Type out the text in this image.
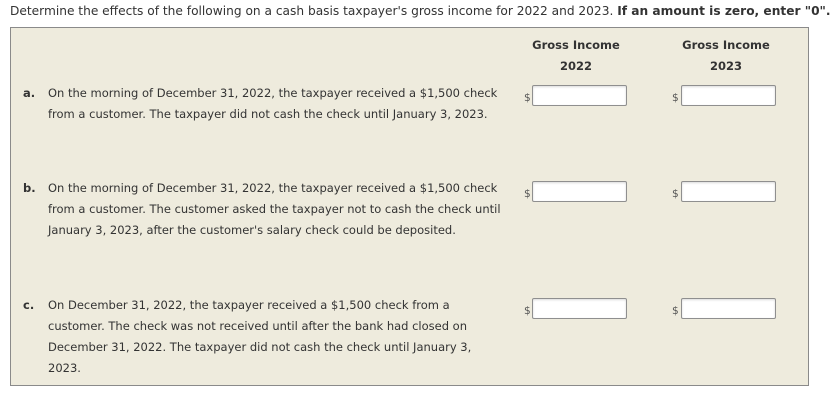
Determine the effects of the following on a cash basis taxpayer's gross income for 2022 and 2023. If an amount is zero, enter "0".
Gross Income
2022
Gross Income
2023
a. On the morning of December 31, 2022, the taxpayer received a $1,500 check from a customer. The taxpayer did not cash the check until January 3, 2023.
$	$
b. On the morning of December 31, 2022, the taxpayer received a $1,500 check from a customer. The customer asked the taxpayer not to cash the check until January 3, 2023, after the customer's salary check could be deposited.
$	$
c. On December 31, 2022, the taxpayer received a $1,500 check from a customer. The check was not received until after the bank had closed on December 31, 2022. The taxpayer did not cash the check until January 3, 2023.
$	$
